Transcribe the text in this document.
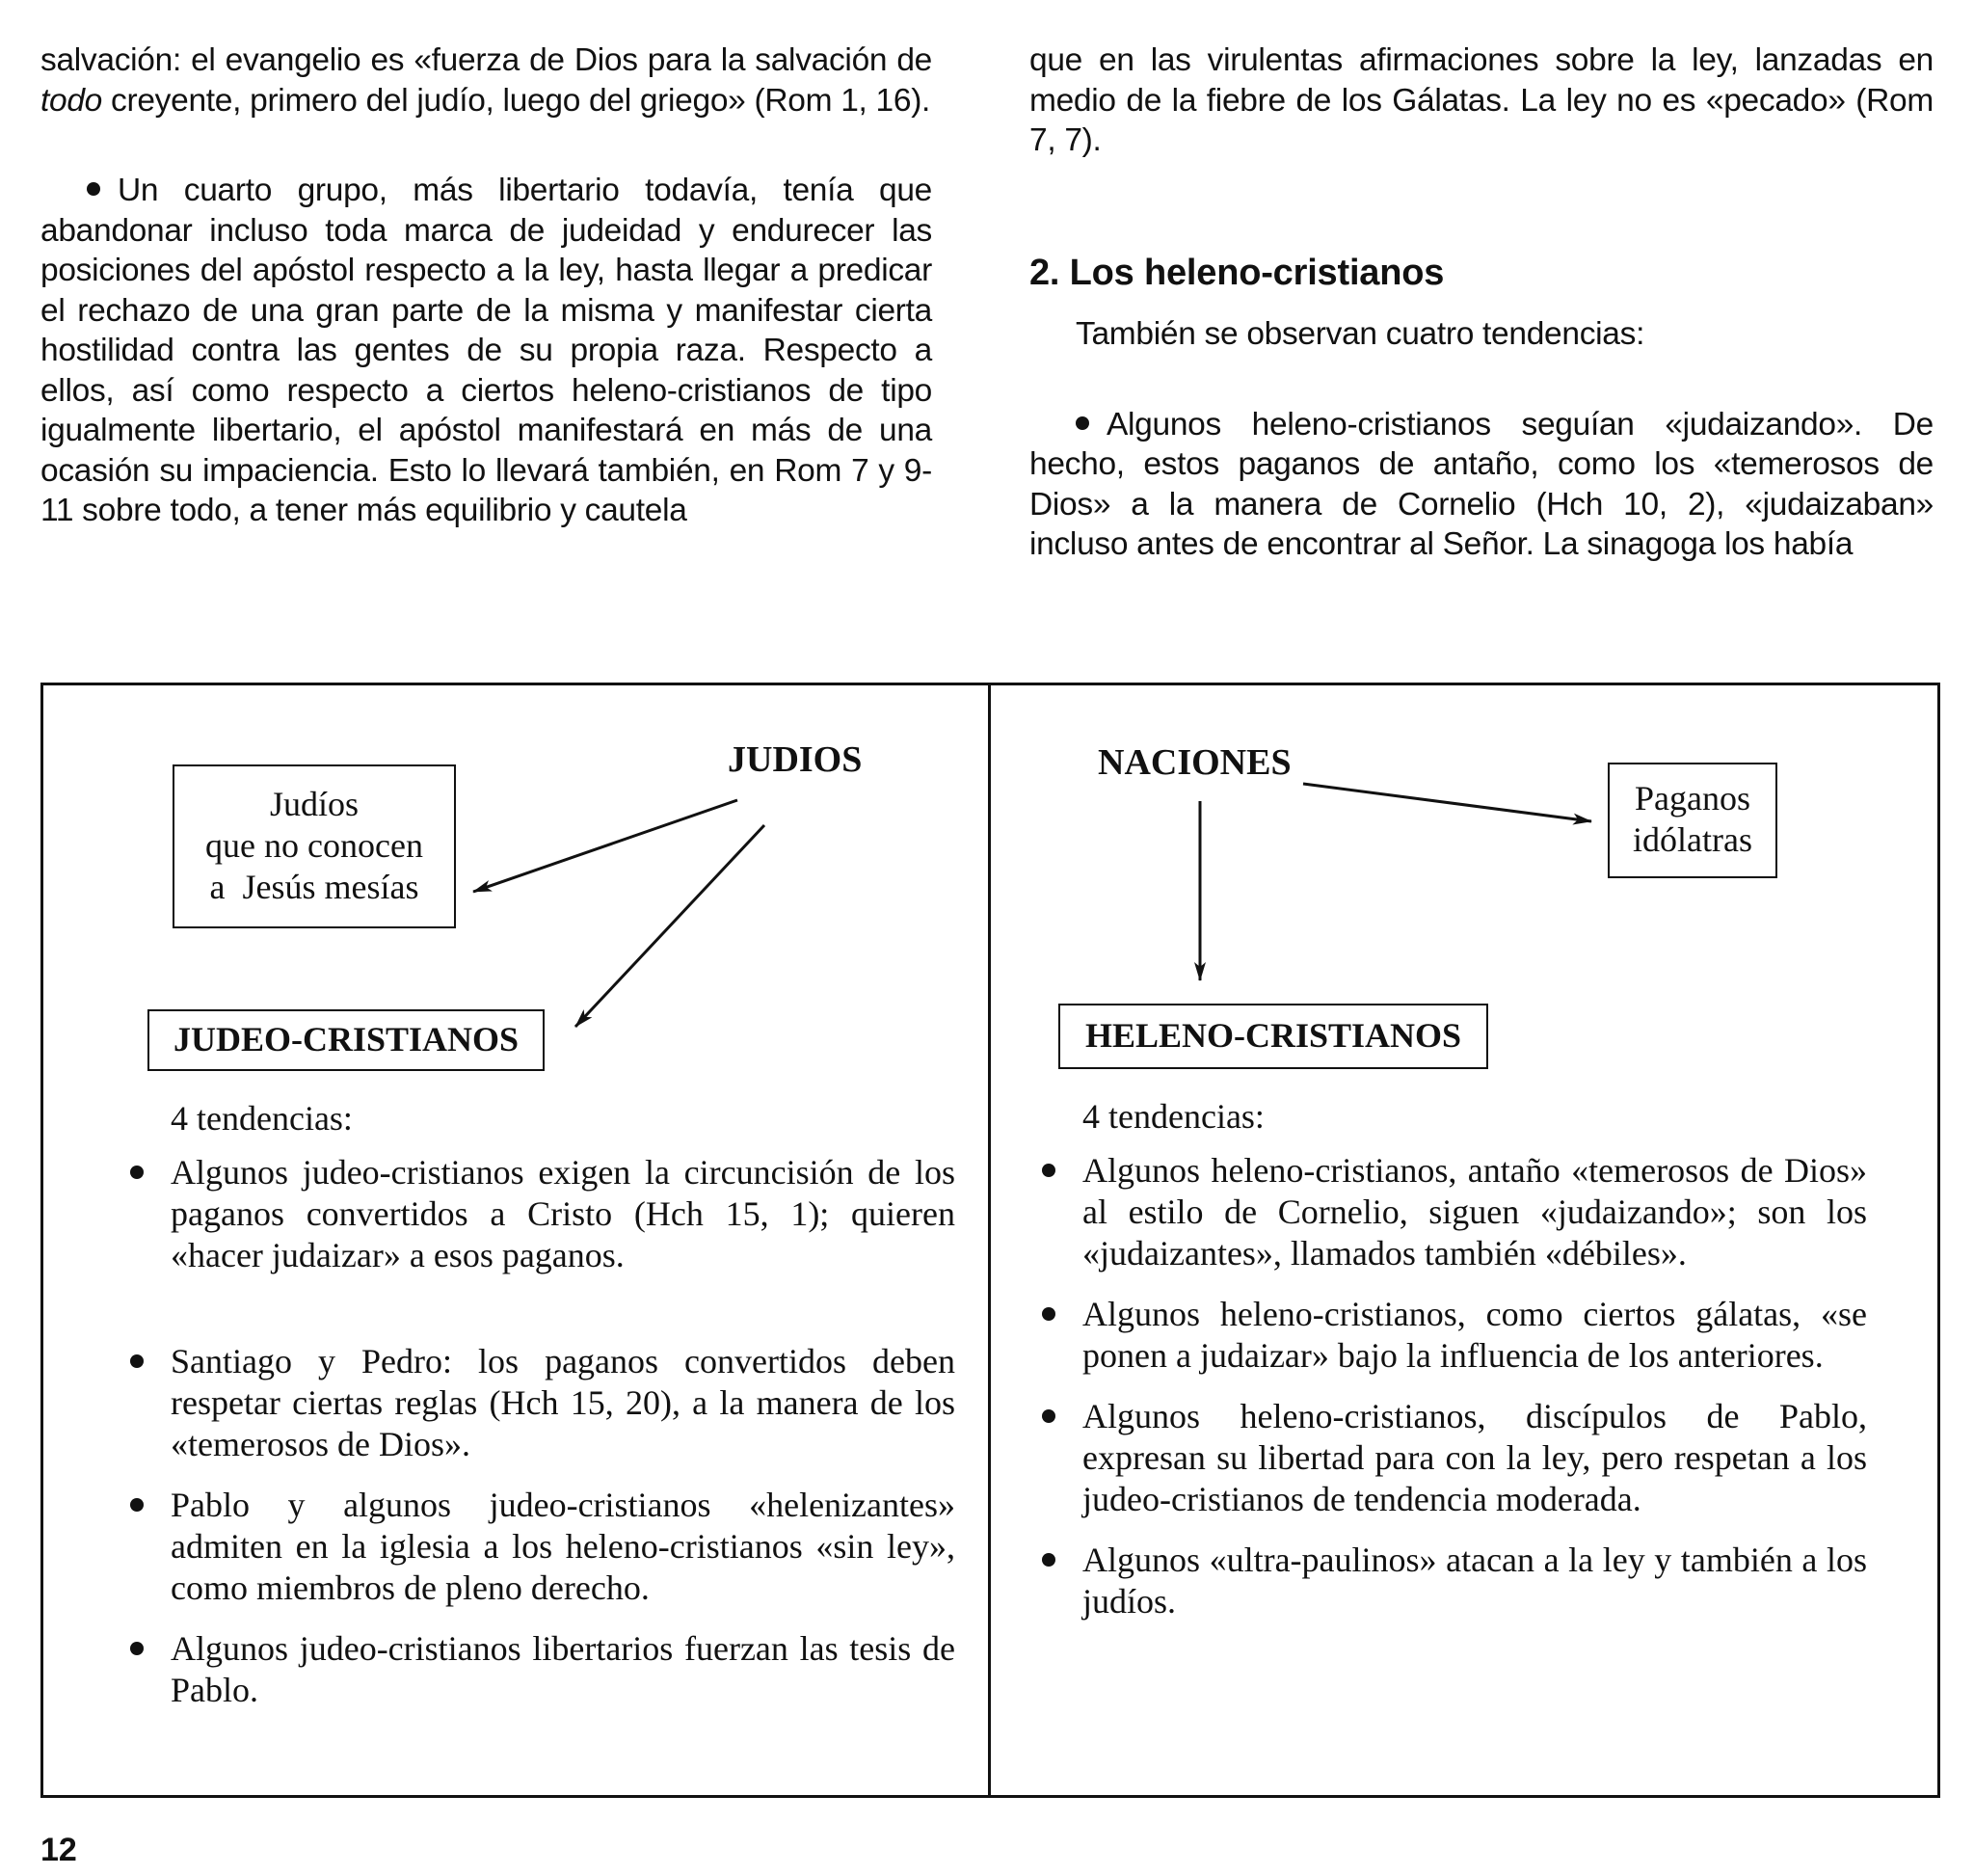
salvación: el evangelio es «fuerza de Dios para la salvación de todo creyente, primero del judío, luego del griego» (Rom 1, 16).

Un cuarto grupo, más libertario todavía, tenía que abandonar incluso toda marca de judeidad y endurecer las posiciones del apóstol respecto a la ley, hasta llegar a predicar el rechazo de una gran parte de la misma y manifestar cierta hostilidad contra las gentes de su propia raza. Respecto a ellos, así como respecto a ciertos heleno-cristianos de tipo igualmente libertario, el apóstol manifestará en más de una ocasión su impaciencia. Esto lo llevará también, en Rom 7 y 9-11 sobre todo, a tener más equilibrio y cautela

que en las virulentas afirmaciones sobre la ley, lanzadas en medio de la fiebre de los Gálatas. La ley no es «pecado» (Rom 7, 7).

2. Los heleno-cristianos

También se observan cuatro tendencias:

Algunos heleno-cristianos seguían «judaizando». De hecho, estos paganos de antaño, como los «temerosos de Dios» a la manera de Cornelio (Hch 10, 2), «judaizaban» incluso antes de encontrar al Señor. La sinagoga los había

JUDIOS
Judíos
que no conocen
a  Jesús mesías
JUDEO-CRISTIANOS
4 tendencias:
Algunos judeo-cristianos exigen la circuncisión de los paganos convertidos a Cristo (Hch 15, 1); quieren «hacer judaizar» a esos paganos.
Santiago y Pedro: los paganos convertidos deben respetar ciertas reglas (Hch 15, 20), a la manera de los «temerosos de Dios».
Pablo y algunos judeo-cristianos «helenizantes» admiten en la iglesia a los heleno-cristianos «sin ley», como miembros de pleno derecho.
Algunos judeo-cristianos libertarios fuerzan las tesis de Pablo.
NACIONES
Paganos
idólatras
HELENO-CRISTIANOS
4 tendencias:
Algunos heleno-cristianos, antaño «temerosos de Dios» al estilo de Cornelio, siguen «judaizando»; son los «judaizantes», llamados también «débiles».
Algunos heleno-cristianos, como ciertos gálatas, «se ponen a judaizar» bajo la influencia de los anteriores.
Algunos heleno-cristianos, discípulos de Pablo, expresan su libertad para con la ley, pero respetan a los judeo-cristianos de tendencia moderada.
Algunos «ultra-paulinos» atacan a la ley y también a los judíos.
12
